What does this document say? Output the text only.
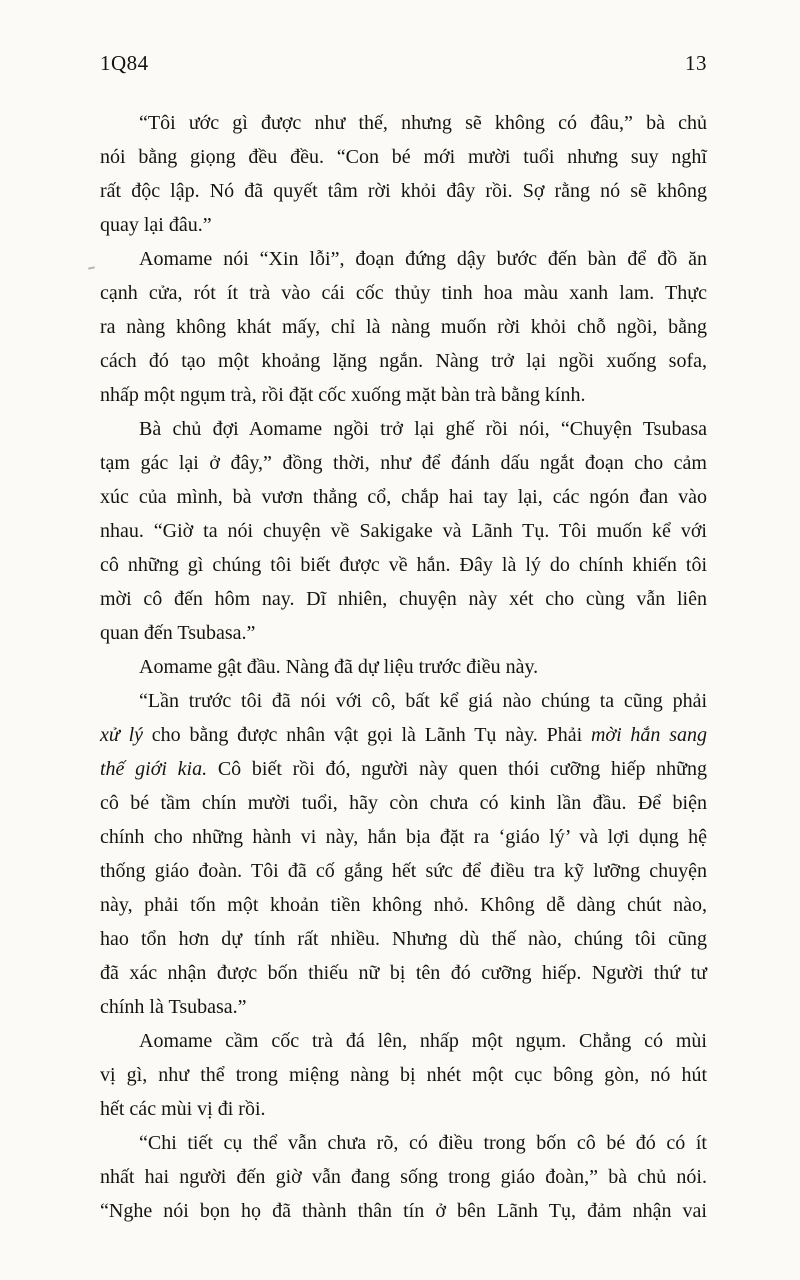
1Q84	13
“Tôi ước gì được như thế, nhưng sẽ không có đâu,” bà chủ
nói bằng giọng đều đều. “Con bé mới mười tuổi nhưng suy nghĩ
rất độc lập. Nó đã quyết tâm rời khỏi đây rồi. Sợ rằng nó sẽ không
quay lại đâu.”
Aomame nói “Xin lỗi”, đoạn đứng dậy bước đến bàn để đồ ăn
cạnh cửa, rót ít trà vào cái cốc thủy tinh hoa màu xanh lam. Thực
ra nàng không khát mấy, chỉ là nàng muốn rời khỏi chỗ ngồi, bằng
cách đó tạo một khoảng lặng ngắn. Nàng trở lại ngồi xuống sofa,
nhấp một ngụm trà, rồi đặt cốc xuống mặt bàn trà bằng kính.
Bà chủ đợi Aomame ngồi trở lại ghế rồi nói, “Chuyện Tsubasa
tạm gác lại ở đây,” đồng thời, như để đánh dấu ngắt đoạn cho cảm
xúc của mình, bà vươn thẳng cổ, chắp hai tay lại, các ngón đan vào
nhau. “Giờ ta nói chuyện về Sakigake và Lãnh Tụ. Tôi muốn kể với
cô những gì chúng tôi biết được về hắn. Đây là lý do chính khiến tôi
mời cô đến hôm nay. Dĩ nhiên, chuyện này xét cho cùng vẫn liên
quan đến Tsubasa.”
Aomame gật đầu. Nàng đã dự liệu trước điều này.
“Lần trước tôi đã nói với cô, bất kể giá nào chúng ta cũng phải
xử lý cho bằng được nhân vật gọi là Lãnh Tụ này. Phải mời hắn sang
thế giới kia. Cô biết rồi đó, người này quen thói cưỡng hiếp những
cô bé tầm chín mười tuổi, hãy còn chưa có kinh lần đầu. Để biện
chính cho những hành vi này, hắn bịa đặt ra ‘giáo lý’ và lợi dụng hệ
thống giáo đoàn. Tôi đã cố gắng hết sức để điều tra kỹ lưỡng chuyện
này, phải tốn một khoản tiền không nhỏ. Không dễ dàng chút nào,
hao tổn hơn dự tính rất nhiều. Nhưng dù thế nào, chúng tôi cũng
đã xác nhận được bốn thiếu nữ bị tên đó cưỡng hiếp. Người thứ tư
chính là Tsubasa.”
Aomame cầm cốc trà đá lên, nhấp một ngụm. Chẳng có mùi
vị gì, như thể trong miệng nàng bị nhét một cục bông gòn, nó hút
hết các mùi vị đi rồi.
“Chi tiết cụ thể vẫn chưa rõ, có điều trong bốn cô bé đó có ít
nhất hai người đến giờ vẫn đang sống trong giáo đoàn,” bà chủ nói.
“Nghe nói bọn họ đã thành thân tín ở bên Lãnh Tụ, đảm nhận vai
